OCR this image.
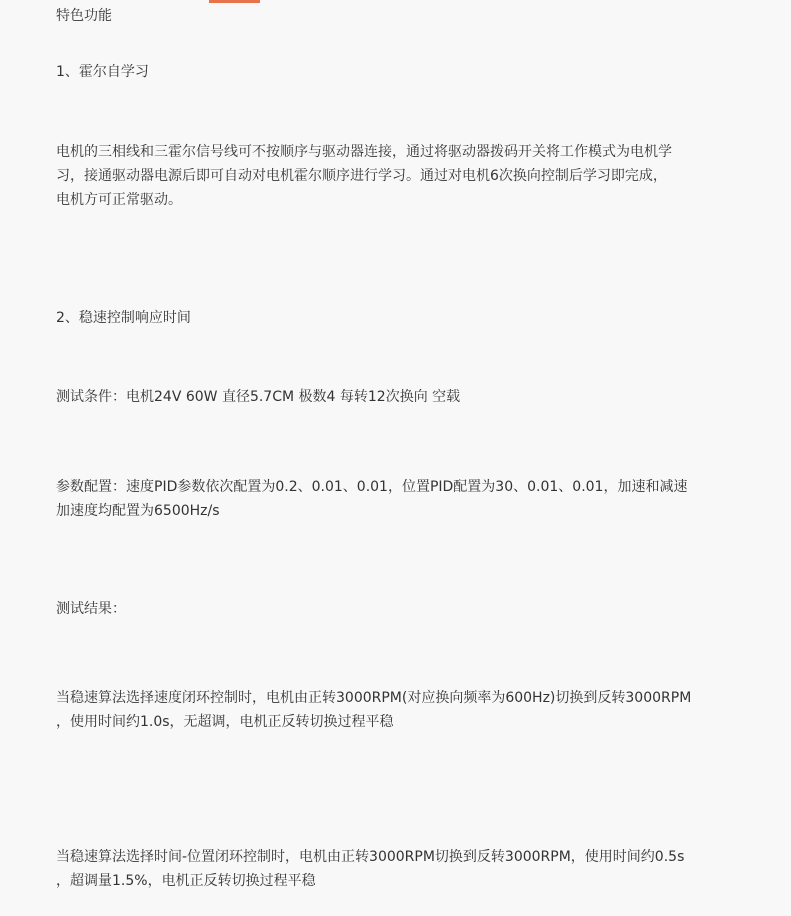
特色功能
1、霍尔自学习
电机的三相线和三霍尔信号线可不按顺序与驱动器连接，通过将驱动器拨码开关将工作模式为电机学
习，接通驱动器电源后即可自动对电机霍尔顺序进行学习。通过对电机6次换向控制后学习即完成，
电机方可正常驱动。
2、稳速控制响应时间
测试条件：电机24V 60W 直径5.7CM 极数4 每转12次换向 空载
参数配置：速度PID参数依次配置为0.2、0.01、0.01，位置PID配置为30、0.01、0.01，加速和减速
加速度均配置为6500Hz/s
测试结果：
当稳速算法选择速度闭环控制时，电机由正转3000RPM(对应换向频率为600Hz)切换到反转3000RPM
，使用时间约1.0s，无超调，电机正反转切换过程平稳
当稳速算法选择时间-位置闭环控制时，电机由正转3000RPM切换到反转3000RPM，使用时间约0.5s
，超调量1.5%，电机正反转切换过程平稳
